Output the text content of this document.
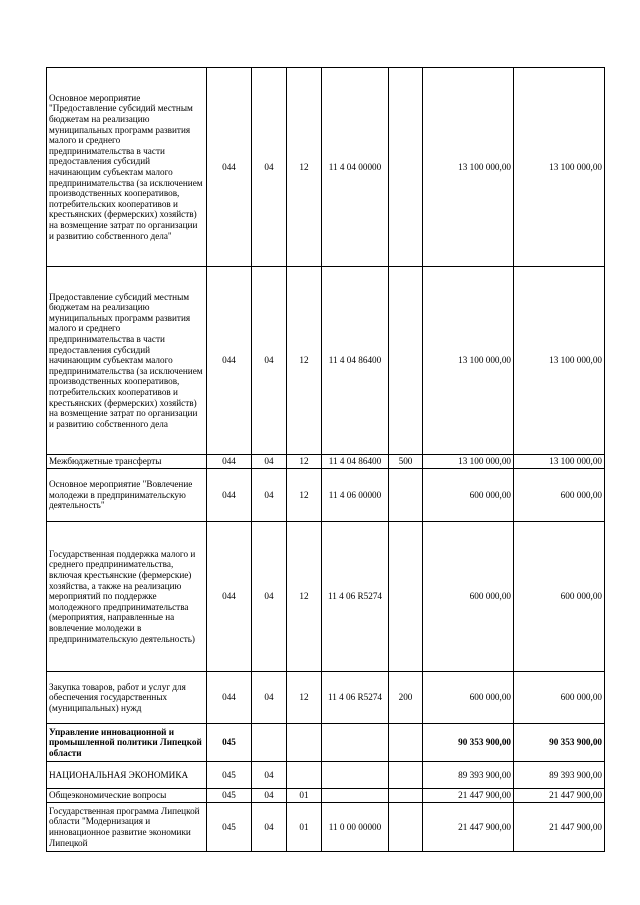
Основное мероприятие "Предоставление субсидий местным бюджетам на реализацию муниципальных программ развития малого и среднего предпринимательства в части предоставления субсидий начинающим субъектам малого предпринимательства (за исключением производственных кооперативов, потребительских кооперативов и крестьянских (фермерских) хозяйств) на возмещение затрат по организации и развитию собственного дела"	044	04	12	11 4 04 00000		13 100 000,00	13 100 000,00
Предоставление субсидий местным бюджетам на реализацию муниципальных программ развития малого и среднего предпринимательства в части предоставления субсидий начинающим субъектам малого предпринимательства (за исключением производственных кооперативов, потребительских кооперативов и крестьянских (фермерских) хозяйств) на возмещение затрат по организации и развитию собственного дела	044	04	12	11 4 04 86400		13 100 000,00	13 100 000,00
Межбюджетные трансферты	044	04	12	11 4 04 86400	500	13 100 000,00	13 100 000,00
Основное мероприятие "Вовлечение молодежи в предпринимательскую деятельность"	044	04	12	11 4 06 00000		600 000,00	600 000,00
Государственная поддержка малого и среднего предпринимательства, включая крестьянские (фермерские) хозяйства, а также на реализацию мероприятий по поддержке молодежного предпринимательства (мероприятия, направленные на вовлечение молодежи в предпринимательскую деятельность)	044	04	12	11 4 06 R5274		600 000,00	600 000,00
Закупка товаров, работ и услуг для обеспечения государственных (муниципальных) нужд	044	04	12	11 4 06 R5274	200	600 000,00	600 000,00
Управление инновационной и промышленной политики Липецкой области	045					90 353 900,00	90 353 900,00
НАЦИОНАЛЬНАЯ ЭКОНОМИКА	045	04				89 393 900,00	89 393 900,00
Общеэкономические вопросы	045	04	01			21 447 900,00	21 447 900,00
Государственная программа Липецкой области "Модернизация и инновационное развитие экономики Липецкой	045	04	01	11 0 00 00000		21 447 900,00	21 447 900,00
